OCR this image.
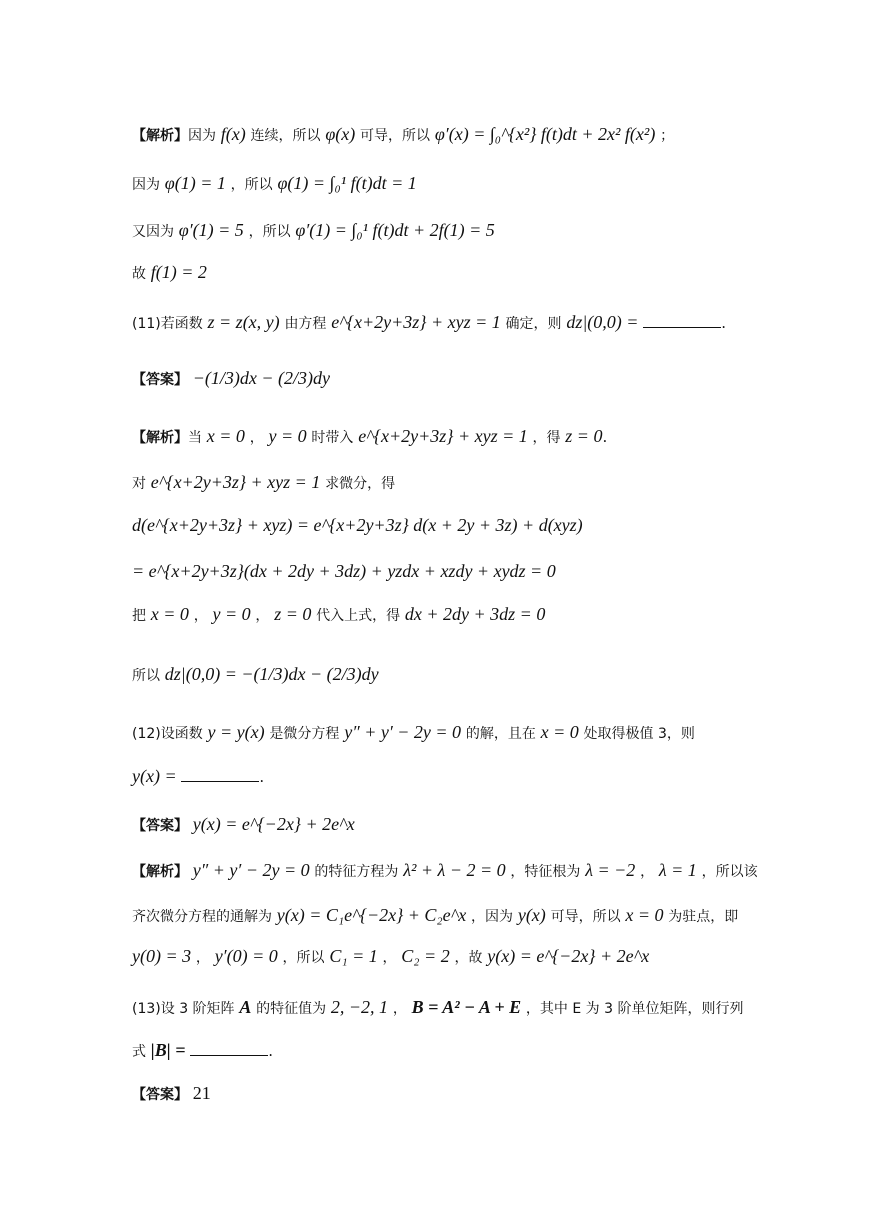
【解析】因为 f(x) 连续，所以 φ(x) 可导，所以 φ′(x) = ∫₀^{x²} f(t)dt + 2x² f(x²) ；
因为 φ(1) = 1 ，所以 φ(1) = ∫₀¹ f(t)dt = 1
又因为 φ′(1) = 5 ，所以 φ′(1) = ∫₀¹ f(t)dt + 2f(1) = 5
故 f(1) = 2
(11)若函数 z = z(x, y) 由方程 e^{x+2y+3z} + xyz = 1 确定，则 dz|(0,0) =	.
【答案】 −(1/3)dx − (2/3)dy
【解析】当 x = 0 ， y = 0 时带入 e^{x+2y+3z} + xyz = 1 ，得 z = 0.
对 e^{x+2y+3z} + xyz = 1 求微分，得
d(e^{x+2y+3z} + xyz) = e^{x+2y+3z} d(x + 2y + 3z) + d(xyz)
= e^{x+2y+3z}(dx + 2dy + 3dz) + yzdx + xzdy + xydz = 0
把 x = 0 ， y = 0 ， z = 0 代入上式，得 dx + 2dy + 3dz = 0
所以 dz|(0,0) = −(1/3)dx − (2/3)dy
(12)设函数 y = y(x) 是微分方程 y″ + y′ − 2y = 0 的解，且在 x = 0 处取得极值 3，则
y(x) =	.
【答案】 y(x) = e^{−2x} + 2e^x
【解析】 y″ + y′ − 2y = 0 的特征方程为 λ² + λ − 2 = 0 ，特征根为 λ = −2 ， λ = 1 ，所以该
齐次微分方程的通解为 y(x) = C₁e^{−2x} + C₂e^x ，因为 y(x) 可导，所以 x = 0 为驻点，即
y(0) = 3 ， y′(0) = 0 ，所以 C₁ = 1 ， C₂ = 2 ，故 y(x) = e^{−2x} + 2e^x
(13)设 3 阶矩阵 A 的特征值为 2, −2, 1 ， B = A² − A + E ，其中 E 为 3 阶单位矩阵，则行列
式 |B| =	.
【答案】 21
